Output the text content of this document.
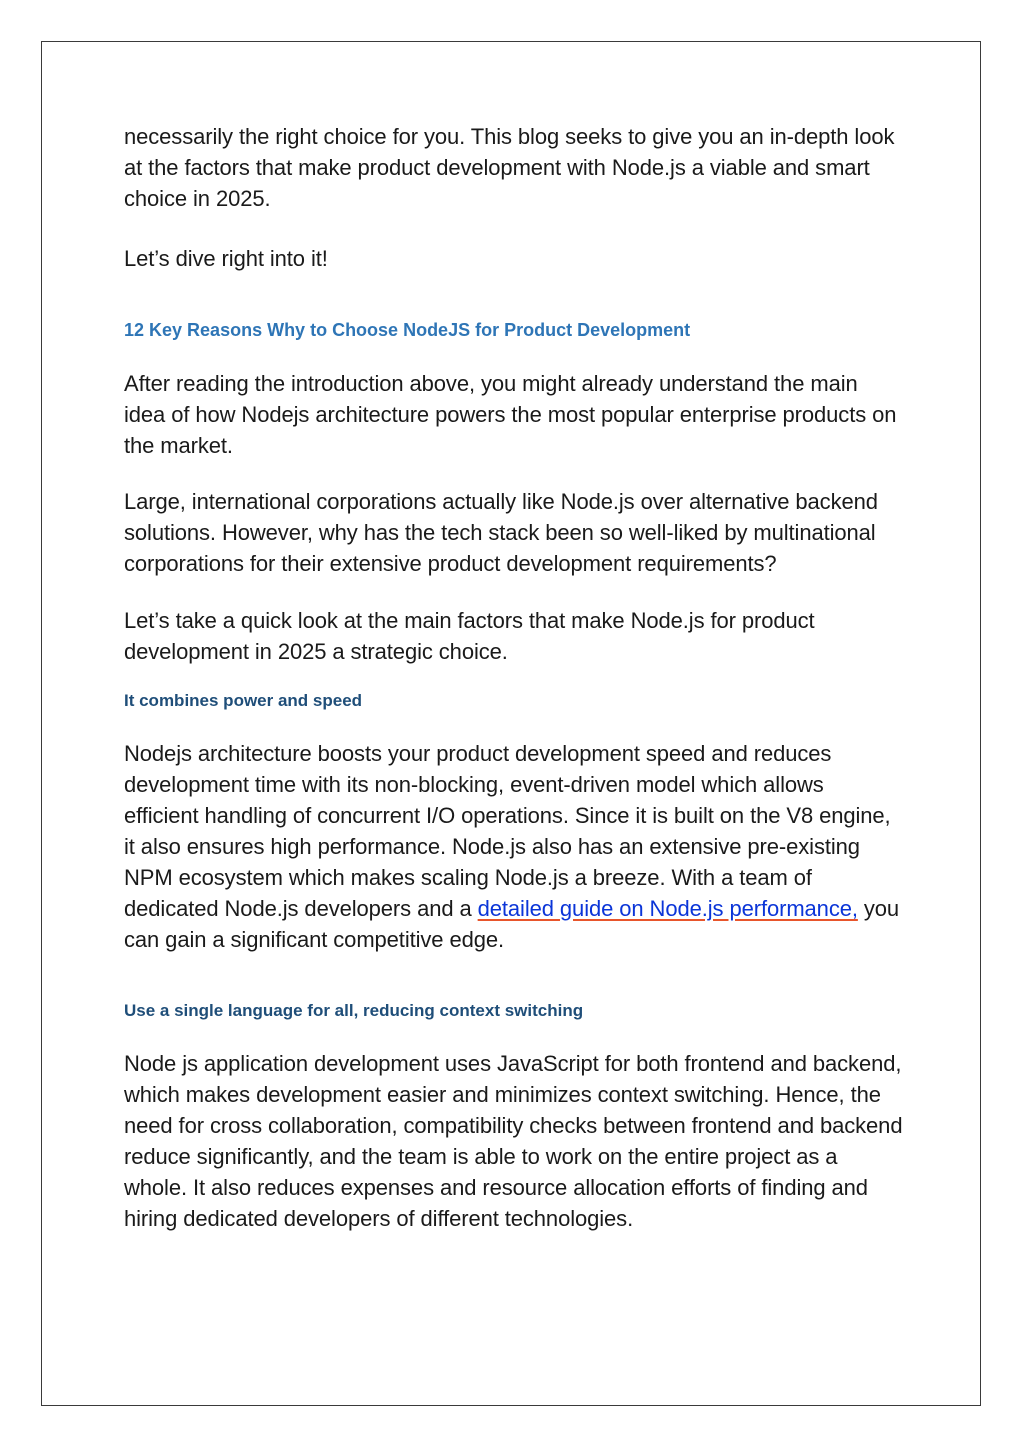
necessarily the right choice for you. This blog seeks to give you an in-depth look at the factors that make product development with Node.js a viable and smart choice in 2025.

Let’s dive right into it!

12 Key Reasons Why to Choose NodeJS for Product Development

After reading the introduction above, you might already understand the main idea of how Nodejs architecture powers the most popular enterprise products on the market.

Large, international corporations actually like Node.js over alternative backend solutions. However, why has the tech stack been so well-liked by multinational corporations for their extensive product development requirements?

Let’s take a quick look at the main factors that make Node.js for product development in 2025 a strategic choice.

It combines power and speed

Nodejs architecture boosts your product development speed and reduces development time with its non-blocking, event-driven model which allows efficient handling of concurrent I/O operations. Since it is built on the V8 engine, it also ensures high performance. Node.js also has an extensive pre-existing NPM ecosystem which makes scaling Node.js a breeze. With a team of dedicated Node.js developers and a detailed guide on Node.js performance, you can gain a significant competitive edge.

Use a single language for all, reducing context switching

Node js application development uses JavaScript for both frontend and backend, which makes development easier and minimizes context switching. Hence, the need for cross collaboration, compatibility checks between frontend and backend reduce significantly, and the team is able to work on the entire project as a whole. It also reduces expenses and resource allocation efforts of finding and hiring dedicated developers of different technologies.
